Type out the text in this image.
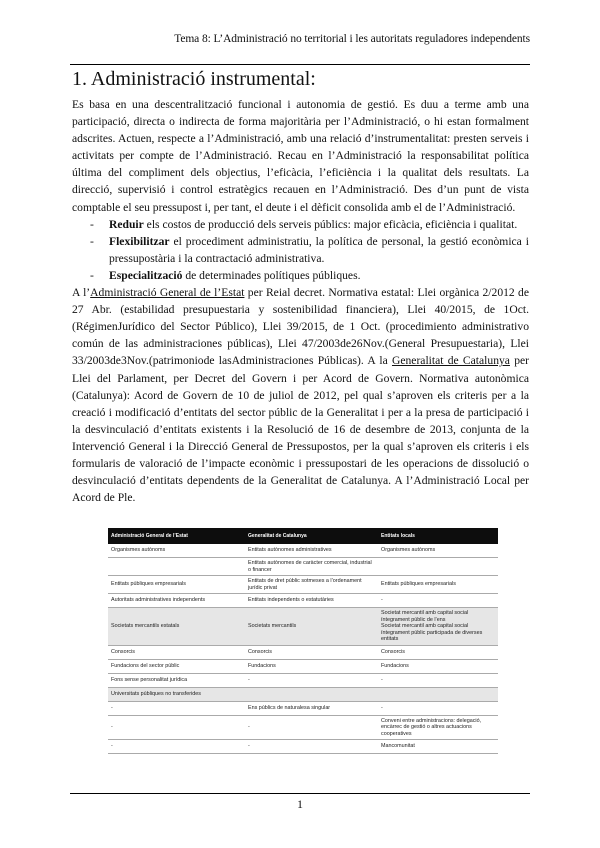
Tema 8: L’Administració no territorial i les autoritats reguladores independents
1. Administració instrumental:

Es basa en una descentralització funcional i autonomia de gestió. Es duu a terme amb una participació, directa o indirecta de forma majoritària per l’Administració, o hi estan formalment adscrites. Actuen, respecte a l’Administració, amb una relació d’instrumentalitat: presten serveis i activitats per compte de l’Administració. Recau en l’Administració la responsabilitat política última del compliment dels objectius, l’eficàcia, l’eficiència i la qualitat dels resultats. La direcció, supervisió i control estratègics recauen en l’Administració. Des d’un punt de vista comptable el seu pressupost i, per tant, el deute i el dèficit consolida amb el de l’Administració.

- Reduir els costos de producció dels serveis públics: major eficàcia, eficiència i qualitat.
- Flexibilitzar el procediment administratiu, la política de personal, la gestió econòmica i pressupostària i la contractació administrativa.
- Especialització de determinades polítiques públiques.

A l’Administració General de l’Estat per Reial decret. Normativa estatal: Llei orgànica 2/2012 de 27 Abr. (estabilidad presupuestaria y sostenibilidad financiera), Llei 40/2015, de 1Oct. (RégimenJurídico del Sector Público), Llei 39/2015, de 1 Oct. (procedimiento administrativo común de las administraciones públicas), Llei 47/2003de26Nov.(General Presupuestaria), Llei 33/2003de3Nov.(patrimoniode lasAdministraciones Públicas). A la Generalitat de Catalunya per Llei del Parlament, per Decret del Govern i per Acord de Govern. Normativa autonòmica (Catalunya): Acord de Govern de 10 de juliol de 2012, pel qual s’aproven els criteris per a la creació i modificació d’entitats del sector públic de la Generalitat i per a la presa de participació i la desvinculació d’entitats existents i la Resolució de 16 de desembre de 2013, conjunta de la Intervenció General i la Direcció General de Pressupostos, per la qual s’aproven els criteris i els formularis de valoració de l’impacte econòmic i pressupostari de les operacions de dissolució o desvinculació d’entitats dependents de la Generalitat de Catalunya. A l’Administració Local per Acord de Ple.

Administració General de l’Estat	Generalitat de Catalunya	Entitats locals
Organismes autònoms	Entitats autònomes administratives	Organismes autònoms
	Entitats autònomes de caràcter comercial, industrial o financer	
Entitats públiques empresarials	Entitats de dret públic sotmeses a l’ordenament jurídic privat	Entitats públiques empresarials
Autoritats administratives independents	Entitats independents o estatutàries	-
Societats mercantils estatals	Societats mercantils	Societat mercantil amb capital social íntegrament públic de l’ens
Societat mercantil amb capital social íntegrament públic participada de diverses entitats
Consorcis	Consorcis	Consorcis
Fundacions del sector públic	Fundacions	Fundacions
Fons sense personalitat jurídica	-	-
Universitats públiques no transferides		
-	Ens públics de naturalesa singular	-
-	-	Conveni entre administracions: delegació, encàrrec de gestió o altres actuacions cooperatives
-	-	Mancomunitat
1
